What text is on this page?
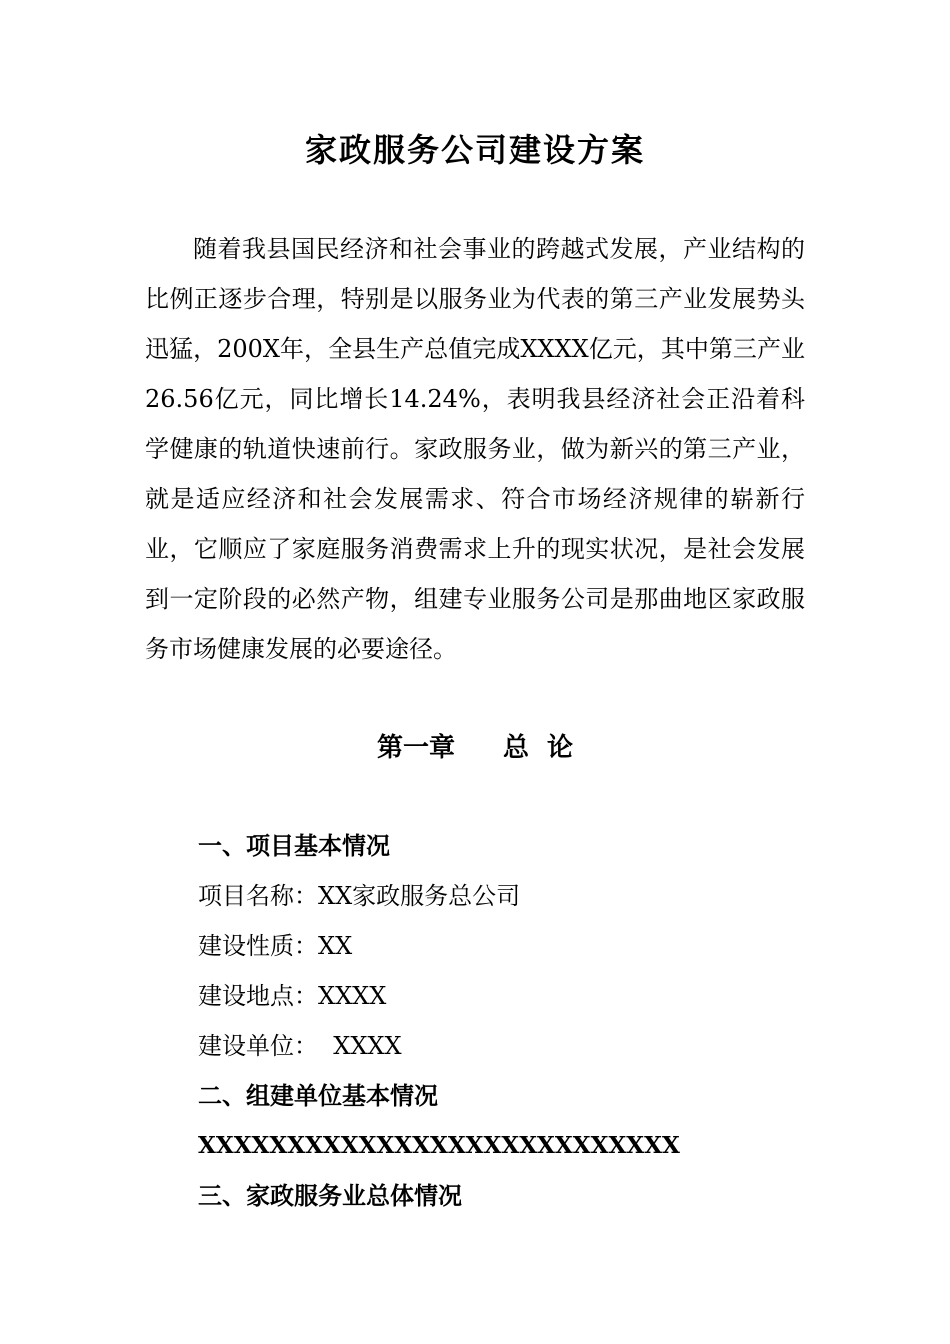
家政服务公司建设方案

随着我县国民经济和社会事业的跨越式发展，产业结构的比例正逐步合理，特别是以服务业为代表的第三产业发展势头迅猛，200X年，全县生产总值完成XXXX亿元，其中第三产业26.56亿元，同比增长14.24%，表明我县经济社会正沿着科学健康的轨道快速前行。家政服务业，做为新兴的第三产业，就是适应经济和社会发展需求、符合市场经济规律的崭新行业，它顺应了家庭服务消费需求上升的现实状况，是社会发展到一定阶段的必然产物，组建专业服务公司是那曲地区家政服务市场健康发展的必要途径。

第一章 总  论
一、项目基本情况
项目名称：XX家政服务总公司
建设性质：XX
建设地点：XXXX
建设单位：  XXXX
二、组建单位基本情况
XXXXXXXXXXXXXXXXXXXXXXXXXXX
三、家政服务业总体情况
